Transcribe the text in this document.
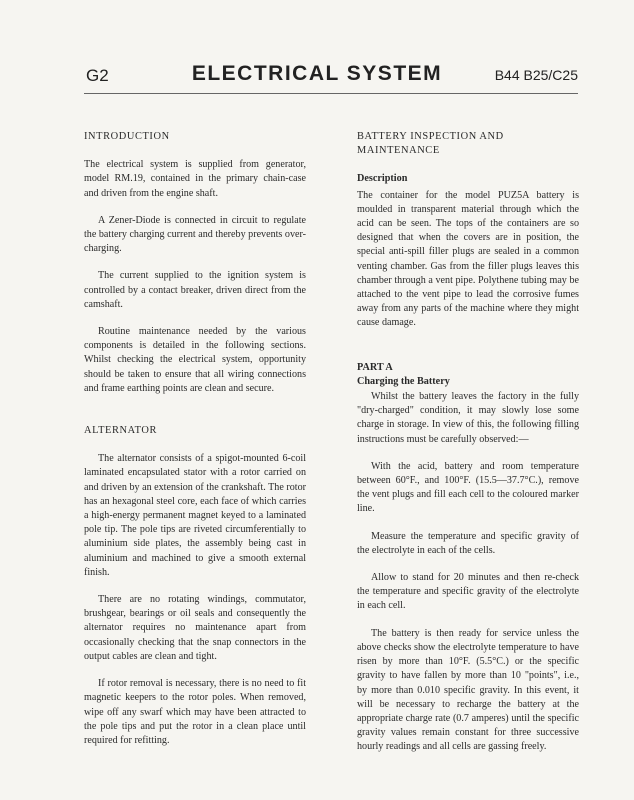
G2	ELECTRICAL SYSTEM	B44 B25/C25

INTRODUCTION

The electrical system is supplied from generator, model RM.19, contained in the primary chain-case and driven from the engine shaft.

A Zener-Diode is connected in circuit to regulate the battery charging current and thereby prevents over-charging.

The current supplied to the ignition system is controlled by a contact breaker, driven direct from the camshaft.

Routine maintenance needed by the various components is detailed in the following sections. Whilst checking the electrical system, opportunity should be taken to ensure that all wiring connections and frame earthing points are clean and secure.

ALTERNATOR

The alternator consists of a spigot-mounted 6-coil laminated encapsulated stator with a rotor carried on and driven by an extension of the crankshaft. The rotor has an hexagonal steel core, each face of which carries a high-energy permanent magnet keyed to a laminated pole tip. The pole tips are riveted circumferentially to aluminium side plates, the assembly being cast in aluminium and machined to give a smooth external finish.

There are no rotating windings, commutator, brushgear, bearings or oil seals and consequently the alternator requires no maintenance apart from occasionally checking that the snap connectors in the output cables are clean and tight.

If rotor removal is necessary, there is no need to fit magnetic keepers to the rotor poles. When removed, wipe off any swarf which may have been attracted to the pole tips and put the rotor in a clean place until required for refitting.

BATTERY INSPECTION AND

MAINTENANCE

Description

The container for the model PUZ5A battery is moulded in transparent material through which the acid can be seen. The tops of the containers are so designed that when the covers are in position, the special anti-spill filler plugs are sealed in a common venting chamber. Gas from the filler plugs leaves this chamber through a vent pipe. Polythene tubing may be attached to the vent pipe to lead the corrosive fumes away from any parts of the machine where they might cause damage.

PART A

Charging the Battery

Whilst the battery leaves the factory in the fully "dry-charged" condition, it may slowly lose some charge in storage. In view of this, the following filling instructions must be carefully observed:—

With the acid, battery and room temperature between 60°F., and 100°F. (15.5—37.7°C.), remove the vent plugs and fill each cell to the coloured marker line.

Measure the temperature and specific gravity of the electrolyte in each of the cells.

Allow to stand for 20 minutes and then re-check the temperature and specific gravity of the electrolyte in each cell.

The battery is then ready for service unless the above checks show the electrolyte temperature to have risen by more than 10°F. (5.5°C.) or the specific gravity to have fallen by more than 10 "points", i.e., by more than 0.010 specific gravity. In this event, it will be necessary to recharge the battery at the appropriate charge rate (0.7 amperes) until the specific gravity values remain constant for three successive hourly readings and all cells are gassing freely.
